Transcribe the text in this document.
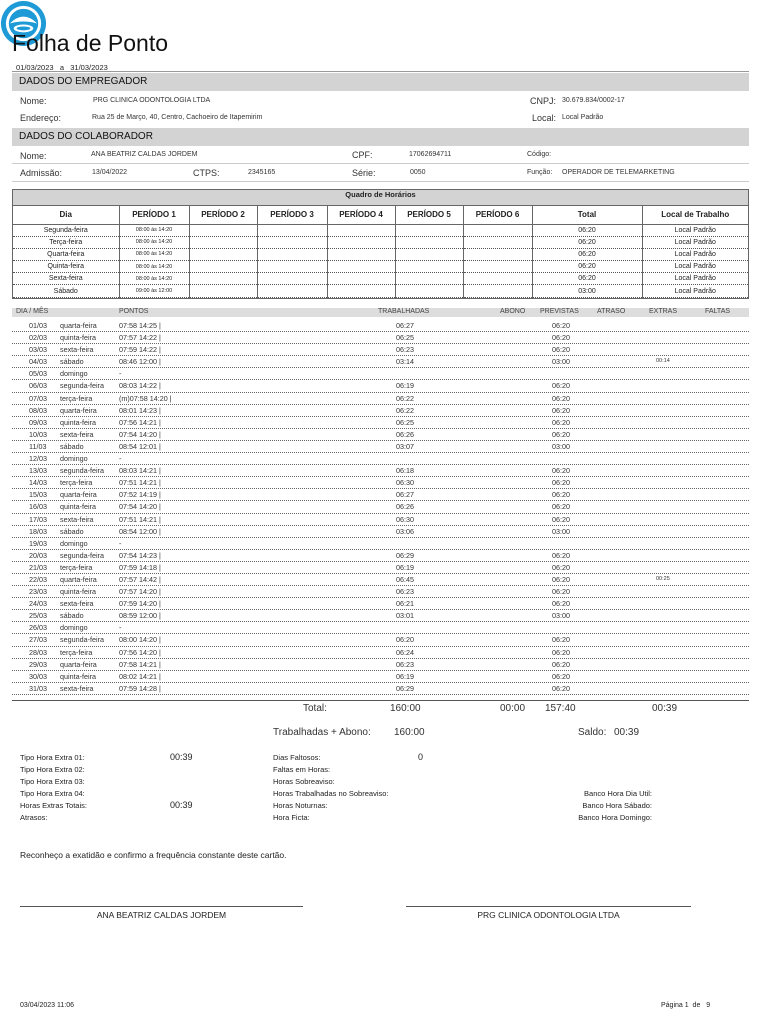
Folha de Ponto
01/03/2023 a 31/03/2023
DADOS DO EMPREGADOR
Nome:	PRG CLINICA ODONTOLOGIA LTDA	CNPJ: 30.679.834/0002-17
Endereço:	Rua 25 de Março, 40, Centro, Cachoeiro de Itapemirim	Local: Local Padrão
DADOS DO COLABORADOR
Nome:	ANA BEATRIZ CALDAS JORDEM	CPF:	17062694711	Código:
Admissão:	13/04/2022	CTPS:	2345165	Série:	0050	Função: OPERADOR DE TELEMARKETING
Quadro de Horários
Dia	PERÍODO 1	PERÍODO 2	PERÍODO 3	PERÍODO 4	PERÍODO 5	PERÍODO 6	Total	Local de Trabalho
Segunda-feira	08:00 às 14:20						06:20	Local Padrão
Terça-feira	08:00 às 14:20						06:20	Local Padrão
Quarta-feira	08:00 às 14:20						06:20	Local Padrão
Quinta-feira	08:00 às 14:20						06:20	Local Padrão
Sexta-feira	08:00 às 14:20						06:20	Local Padrão
Sábado	09:00 às 12:00						03:00	Local Padrão
DIA / MÊS	PONTOS	TRABALHADAS	ABONO PREVISTAS	ATRASO	EXTRAS	FALTAS
01/03 quarta-feira	07:58 14:25 |	06:27	06:20
02/03 quinta-feira	07:57 14:22 |	06:25	06:20
03/03 sexta-feira	07:59 14:22 |	06:23	06:20
04/03 sábado	08:46 12:00 |	03:14	03:00	00:14
05/03 domingo	-
06/03 segunda-feira 08:03 14:22 |	06:19	06:20
07/03 terça-feira	(m)07:58 14:20 |	06:22	06:20
08/03 quarta-feira	08:01 14:23 |	06:22	06:20
09/03 quinta-feira	07:56 14:21 |	06:25	06:20
10/03 sexta-feira	07:54 14:20 |	06:26	06:20
11/03 sábado	08:54 12:01 |	03:07	03:00
12/03 domingo	-
13/03 segunda-feira 08:03 14:21 |	06:18	06:20
14/03 terça-feira	07:51 14:21 |	06:30	06:20
15/03 quarta-feira	07:52 14:19 |	06:27	06:20
16/03 quinta-feira	07:54 14:20 |	06:26	06:20
17/03 sexta-feira	07:51 14:21 |	06:30	06:20
18/03 sábado	08:54 12:00 |	03:06	03:00
19/03 domingo	-
20/03 segunda-feira 07:54 14:23 |	06:29	06:20
21/03 terça-feira	07:59 14:18 |	06:19	06:20
22/03 quarta-feira	07:57 14:42 |	06:45	06:20	00:25
23/03 quinta-feira	07:57 14:20 |	06:23	06:20
24/03 sexta-feira	07:59 14:20 |	06:21	06:20
25/03 sábado	08:59 12:00 |	03:01	03:00
26/03 domingo	-
27/03 segunda-feira 08:00 14:20 |	06:20	06:20
28/03 terça-feira	07:56 14:20 |	06:24	06:20
29/03 quarta-feira	07:58 14:21 |	06:23	06:20
30/03 quinta-feira	08:02 14:21 |	06:19	06:20
31/03 sexta-feira	07:59 14:28 |	06:29	06:20
Total:	160:00	00:00 157:40	00:39
Trabalhadas + Abono: 160:00	Saldo: 00:39
Tipo Hora Extra 01:	00:39
Tipo Hora Extra 02:
Tipo Hora Extra 03:
Tipo Hora Extra 04:
Horas Extras Totais:	00:39
Atrasos:
Dias Faltosos:	0
Faltas em Horas:
Horas Sobreaviso:
Horas Trabalhadas no Sobreaviso:
Horas Noturnas:
Hora Ficta:
Banco Hora Dia Util:
Banco Hora Sábado:
Banco Hora Domingo:
Reconheço a exatidão e confirmo a frequência constante deste cartão.
ANA BEATRIZ CALDAS JORDEM	PRG CLINICA ODONTOLOGIA LTDA
03/04/2023 11:06	Página 1 de 9
